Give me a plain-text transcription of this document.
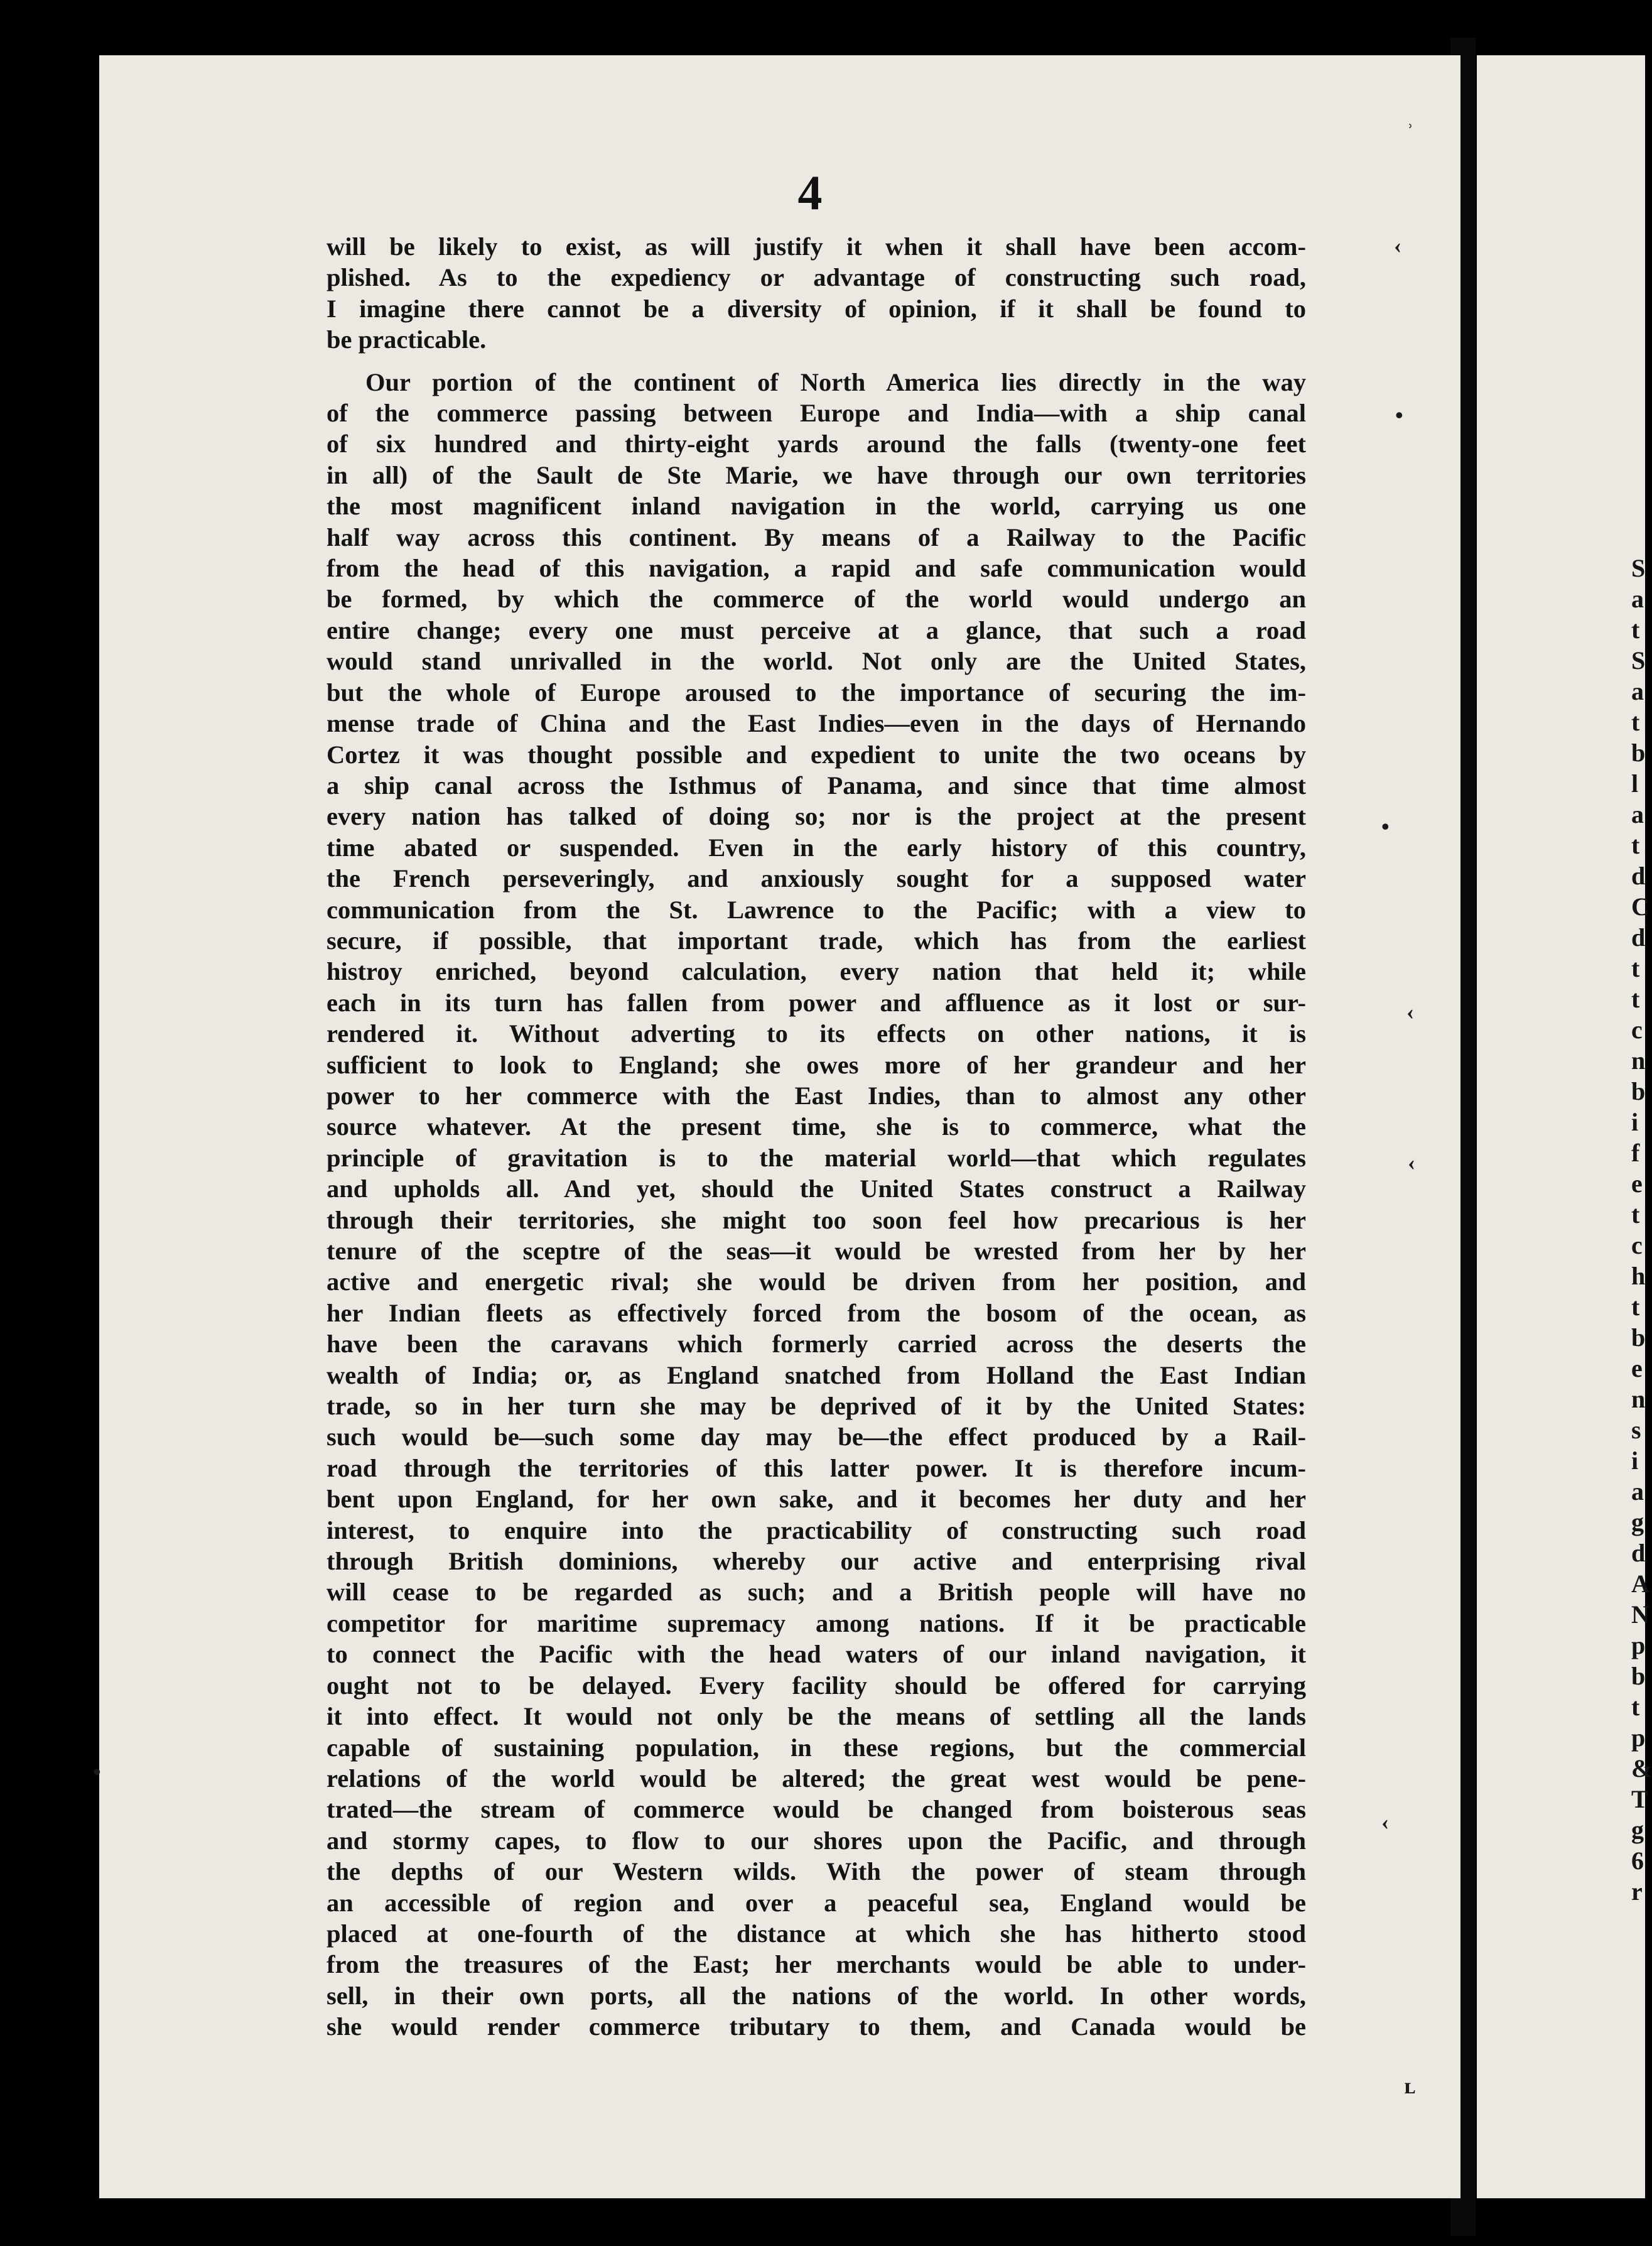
4
will be likely to exist, as will justify it when it shall have been accom-
plished. As to the expediency or advantage of constructing such road,
I imagine there cannot be a diversity of opinion, if it shall be found to
be practicable.
Our portion of the continent of North America lies directly in the way
of the commerce passing between Europe and India—with a ship canal
of six hundred and thirty-eight yards around the falls (twenty-one feet
in all) of the Sault de Ste Marie, we have through our own territories
the most magnificent inland navigation in the world, carrying us one
half way across this continent. By means of a Railway to the Pacific
from the head of this navigation, a rapid and safe communication would
be formed, by which the commerce of the world would undergo an
entire change; every one must perceive at a glance, that such a road
would stand unrivalled in the world. Not only are the United States,
but the whole of Europe aroused to the importance of securing the im-
mense trade of China and the East Indies—even in the days of Hernando
Cortez it was thought possible and expedient to unite the two oceans by
a ship canal across the Isthmus of Panama, and since that time almost
every nation has talked of doing so; nor is the project at the present
time abated or suspended. Even in the early history of this country,
the French perseveringly, and anxiously sought for a supposed water
communication from the St. Lawrence to the Pacific; with a view to
secure, if possible, that important trade, which has from the earliest
histroy enriched, beyond calculation, every nation that held it; while
each in its turn has fallen from power and affluence as it lost or sur-
rendered it. Without adverting to its effects on other nations, it is
sufficient to look to England; she owes more of her grandeur and her
power to her commerce with the East Indies, than to almost any other
source whatever. At the present time, she is to commerce, what the
principle of gravitation is to the material world—that which regulates
and upholds all. And yet, should the United States construct a Railway
through their territories, she might too soon feel how precarious is her
tenure of the sceptre of the seas—it would be wrested from her by her
active and energetic rival; she would be driven from her position, and
her Indian fleets as effectively forced from the bosom of the ocean, as
have been the caravans which formerly carried across the deserts the
wealth of India; or, as England snatched from Holland the East Indian
trade, so in her turn she may be deprived of it by the United States:
such would be—such some day may be—the effect produced by a Rail-
road through the territories of this latter power. It is therefore incum-
bent upon England, for her own sake, and it becomes her duty and her
interest, to enquire into the practicability of constructing such road
through British dominions, whereby our active and enterprising rival
will cease to be regarded as such; and a British people will have no
competitor for maritime supremacy among nations. If it be practicable
to connect the Pacific with the head waters of our inland navigation, it
ought not to be delayed. Every facility should be offered for carrying
it into effect. It would not only be the means of settling all the lands
capable of sustaining population, in these regions, but the commercial
relations of the world would be altered; the great west would be pene-
trated—the stream of commerce would be changed from boisterous seas
and stormy capes, to flow to our shores upon the Pacific, and through
the depths of our Western wilds. With the power of steam through
an accessible of region and over a peaceful sea, England would be
placed at one-fourth of the distance at which she has hitherto stood
from the treasures of the East; her merchants would be able to under-
sell, in their own ports, all the nations of the world. In other words,
she would render commerce tributary to them, and Canada would be
S
a
t
S
a
t
b
l
a
t
d
C
d
t
t
c
n
b
i
f
e
t
c
h
t
b
e
n
s
i
a
g
d
A
N
p
b
t
p
&
T
g
6
r
ʾ
‹
•
•
‹
‹
‹
ʟ
•
